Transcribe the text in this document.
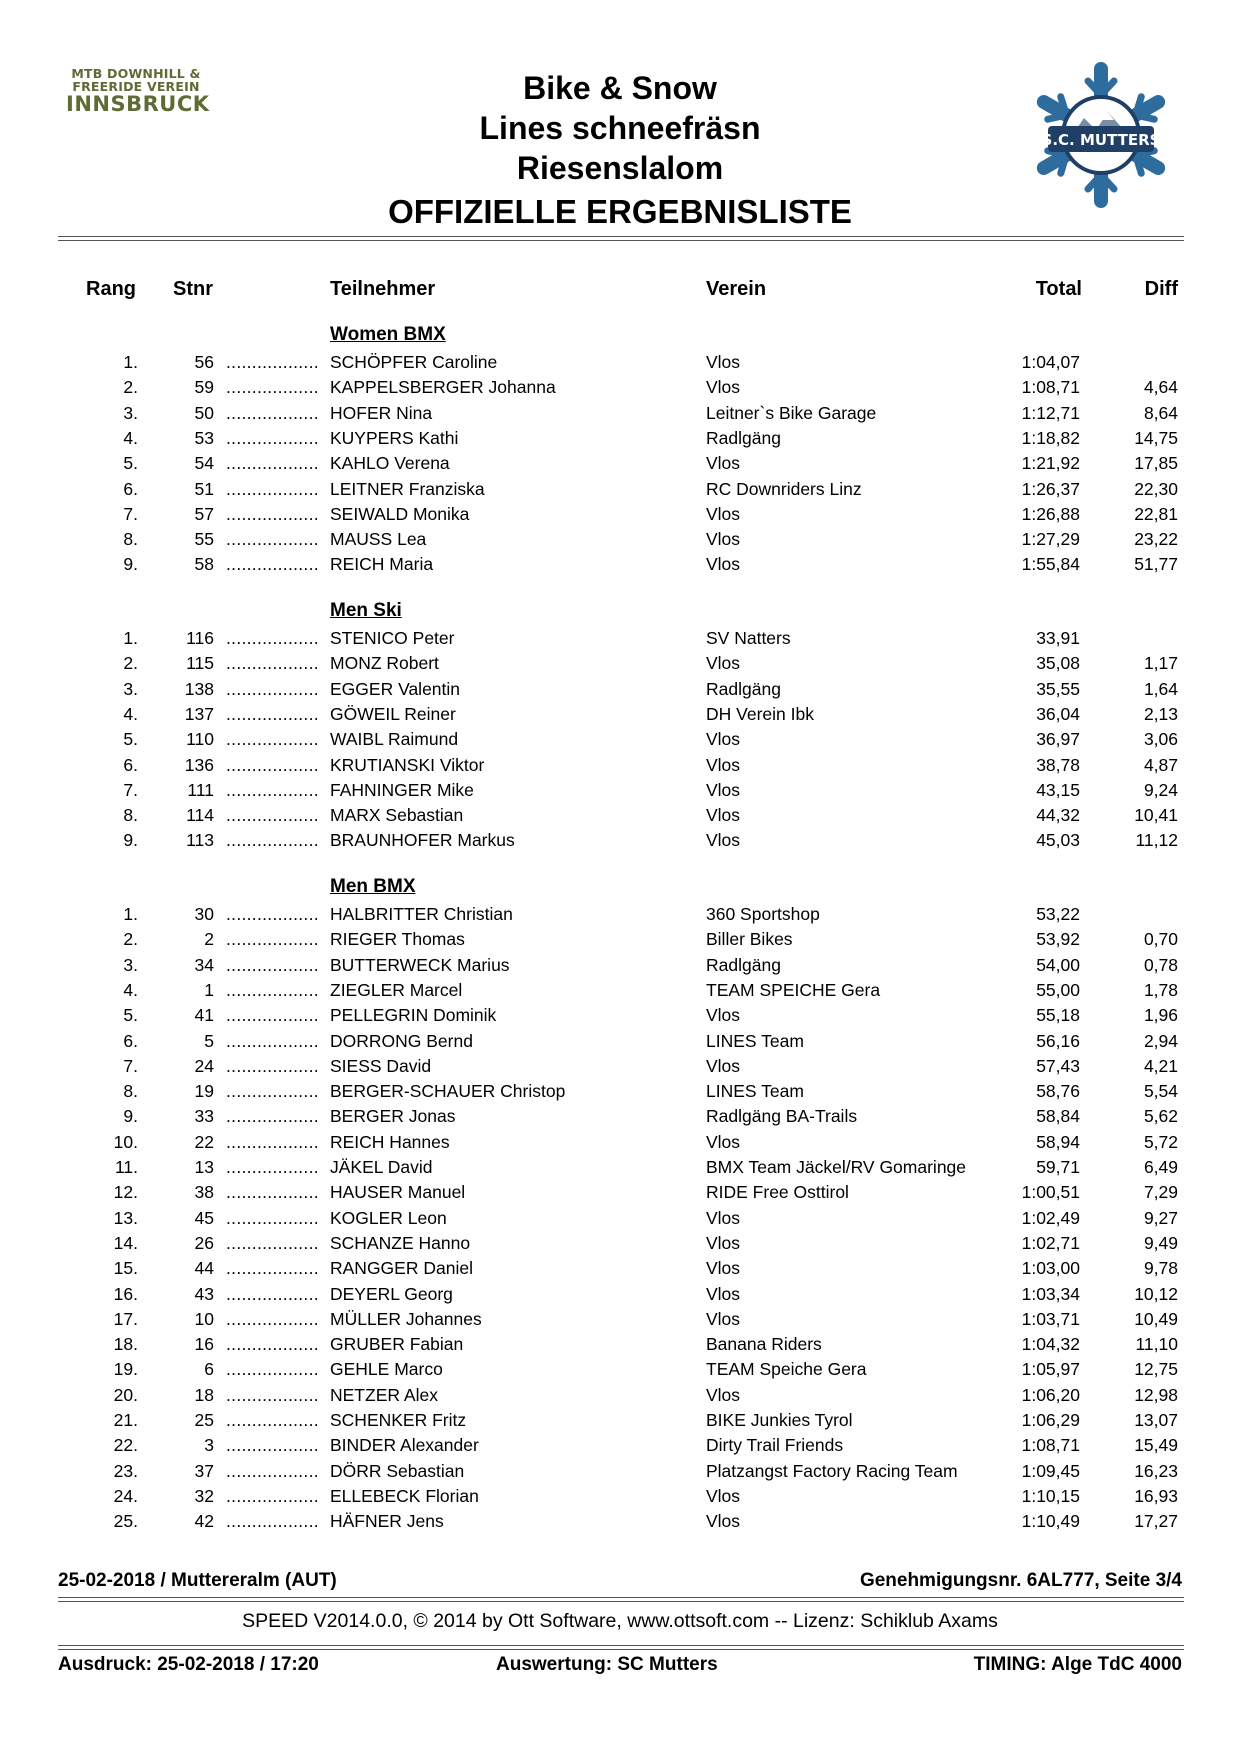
MTB DOWNHILL &
FREERIDE VEREIN
INNSBRUCK	Bike & Snow
Lines schneefräsn
Riesenslalom
OFFIZIELLE ERGEBNISLISTE
S.C. MUTTERS
Rang Stnr	Teilnehmer	Verein	Total	Diff
Women BMX
1.	56 .................. SCHÖPFER Caroline	Vlos	1:04,07
2.	59 .................. KAPPELSBERGER Johanna	Vlos	1:08,71	4,64
3.	50 .................. HOFER Nina	Leitner`s Bike Garage	1:12,71	8,64
4.	53 .................. KUYPERS Kathi	Radlgäng	1:18,82	14,75
5.	54 .................. KAHLO Verena	Vlos	1:21,92	17,85
6.	51 .................. LEITNER Franziska	RC Downriders Linz	1:26,37	22,30
7.	57 .................. SEIWALD Monika	Vlos	1:26,88	22,81
8.	55 .................. MAUSS Lea	Vlos	1:27,29	23,22
9.	58 .................. REICH Maria	Vlos	1:55,84	51,77
Men Ski
1.	116 .................. STENICO Peter	SV Natters	33,91
2.	115 .................. MONZ Robert	Vlos	35,08	1,17
3.	138 .................. EGGER Valentin	Radlgäng	35,55	1,64
4.	137 .................. GÖWEIL Reiner	DH Verein Ibk	36,04	2,13
5.	110 .................. WAIBL Raimund	Vlos	36,97	3,06
6.	136 .................. KRUTIANSKI Viktor	Vlos	38,78	4,87
7.	111 .................. FAHNINGER Mike	Vlos	43,15	9,24
8.	114 .................. MARX Sebastian	Vlos	44,32	10,41
9.	113 .................. BRAUNHOFER Markus	Vlos	45,03	11,12
Men BMX
1.	30 .................. HALBRITTER Christian	360 Sportshop	53,22
2.	2 .................. RIEGER Thomas	Biller Bikes	53,92	0,70
3.	34 .................. BUTTERWECK Marius	Radlgäng	54,00	0,78
4.	1 .................. ZIEGLER Marcel	TEAM SPEICHE Gera	55,00	1,78
5.	41 .................. PELLEGRIN Dominik	Vlos	55,18	1,96
6.	5 .................. DORRONG Bernd	LINES Team	56,16	2,94
7.	24 .................. SIESS David	Vlos	57,43	4,21
8.	19 .................. BERGER-SCHAUER Christop	LINES Team	58,76	5,54
9.	33 .................. BERGER Jonas	Radlgäng BA-Trails	58,84	5,62
10.	22 .................. REICH Hannes	Vlos	58,94	5,72
11.	13 .................. JÄKEL David	BMX Team Jäckel/RV Gomaringe	59,71	6,49
12.	38 .................. HAUSER Manuel	RIDE Free Osttirol	1:00,51	7,29
13.	45 .................. KOGLER Leon	Vlos	1:02,49	9,27
14.	26 .................. SCHANZE Hanno	Vlos	1:02,71	9,49
15.	44 .................. RANGGER Daniel	Vlos	1:03,00	9,78
16.	43 .................. DEYERL Georg	Vlos	1:03,34	10,12
17.	10 .................. MÜLLER Johannes	Vlos	1:03,71	10,49
18.	16 .................. GRUBER Fabian	Banana Riders	1:04,32	11,10
19.	6 .................. GEHLE Marco	TEAM Speiche Gera	1:05,97	12,75
20.	18 .................. NETZER Alex	Vlos	1:06,20	12,98
21.	25 .................. SCHENKER Fritz	BIKE Junkies Tyrol	1:06,29	13,07
22.	3 .................. BINDER Alexander	Dirty Trail Friends	1:08,71	15,49
23.	37 .................. DÖRR Sebastian	Platzangst Factory Racing Team	1:09,45	16,23
24.	32 .................. ELLEBECK Florian	Vlos	1:10,15	16,93
25.	42 .................. HÄFNER Jens	Vlos	1:10,49	17,27
25-02-2018 / Muttereralm (AUT)	Genehmigungsnr. 6AL777, Seite 3/4
SPEED V2014.0.0, © 2014 by Ott Software, www.ottsoft.com -- Lizenz: Schiklub Axams
Ausdruck: 25-02-2018 / 17:20	Auswertung: SC Mutters	TIMING: Alge TdC 4000
